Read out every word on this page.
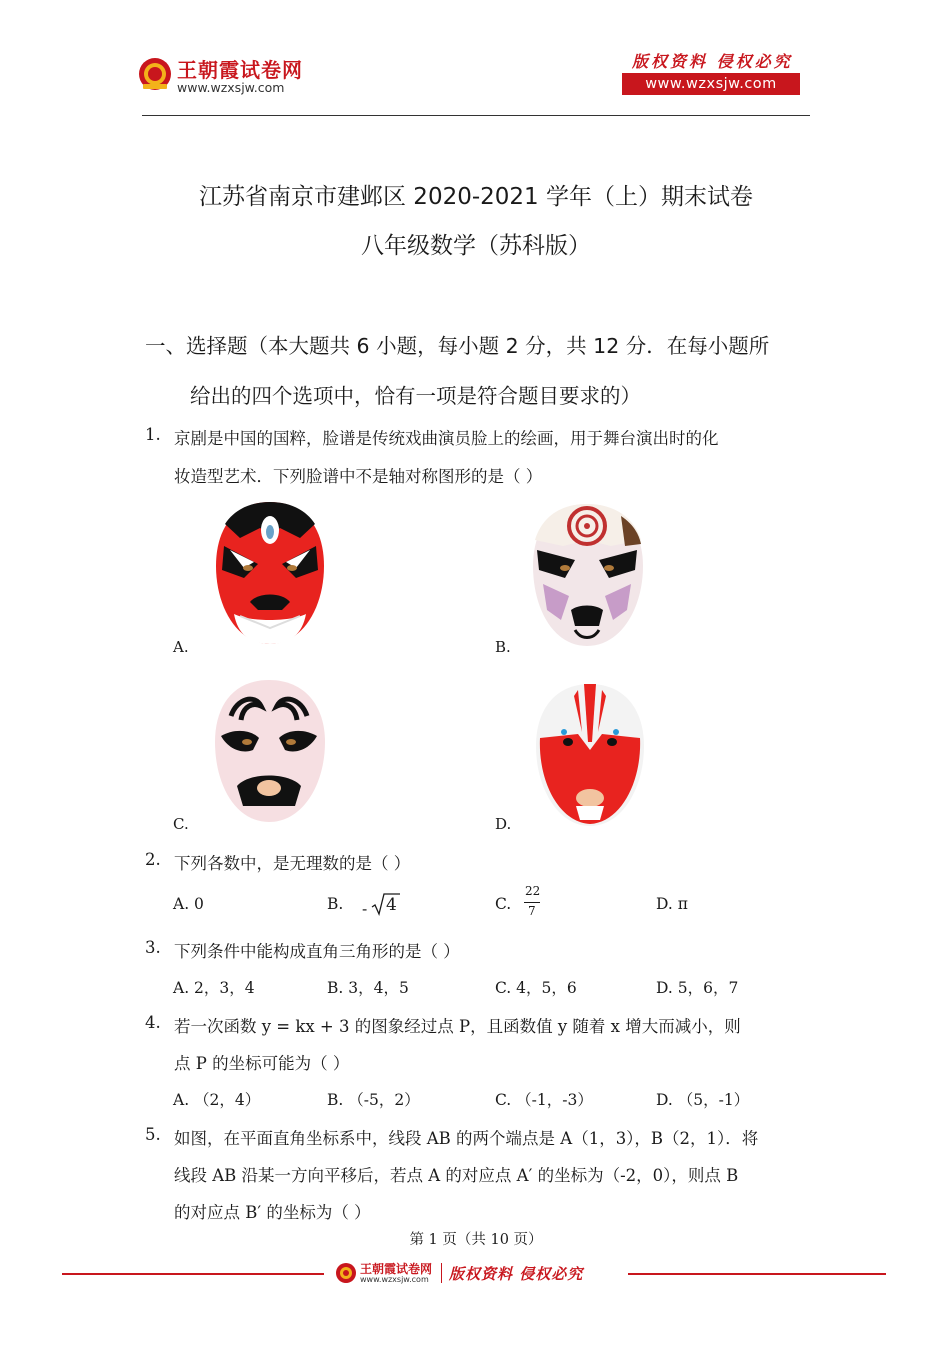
王朝霞试卷网
www.wzxsjw.com
版权资料 侵权必究
www.wzxsjw.com
江苏省南京市建邺区 2020-2021 学年（上）期末试卷
八年级数学（苏科版）
一、选择题（本大题共 6 小题，每小题 2 分，共 12 分．在每小题所
给出的四个选项中，恰有一项是符合题目要求的）
1. 京剧是中国的国粹，脸谱是传统戏曲演员脸上的绘画，用于舞台演出时的化
妆造型艺术．下列脸谱中不是轴对称图形的是（ ）
A.	B.
C.	D.
2. 下列各数中，是无理数的是（ ）
A. 0	B. - 4	C.
22
7	D. π
3. 下列条件中能构成直角三角形的是（ ）
A. 2，3，4	B. 3，4，5	C. 4，5，6	D. 5，6，7
4. 若一次函数 y = kx + 3 的图象经过点 P，且函数值 y 随着 x 增大而减小，则
点 P 的坐标可能为（ ）
A. （2，4）	B. （-5，2）	C. （-1，-3）	D. （5，-1）
5. 如图，在平面直角坐标系中，线段 AB 的两个端点是 A（1，3），B（2，1）．将
线段 AB 沿某一方向平移后，若点 A 的对应点 A′ 的坐标为（-2，0），则点 B
的对应点 B′ 的坐标为（ ）
第 1 页（共 10 页）
王朝霞试卷网
www.wzxsjw.com 版权资料 侵权必究
